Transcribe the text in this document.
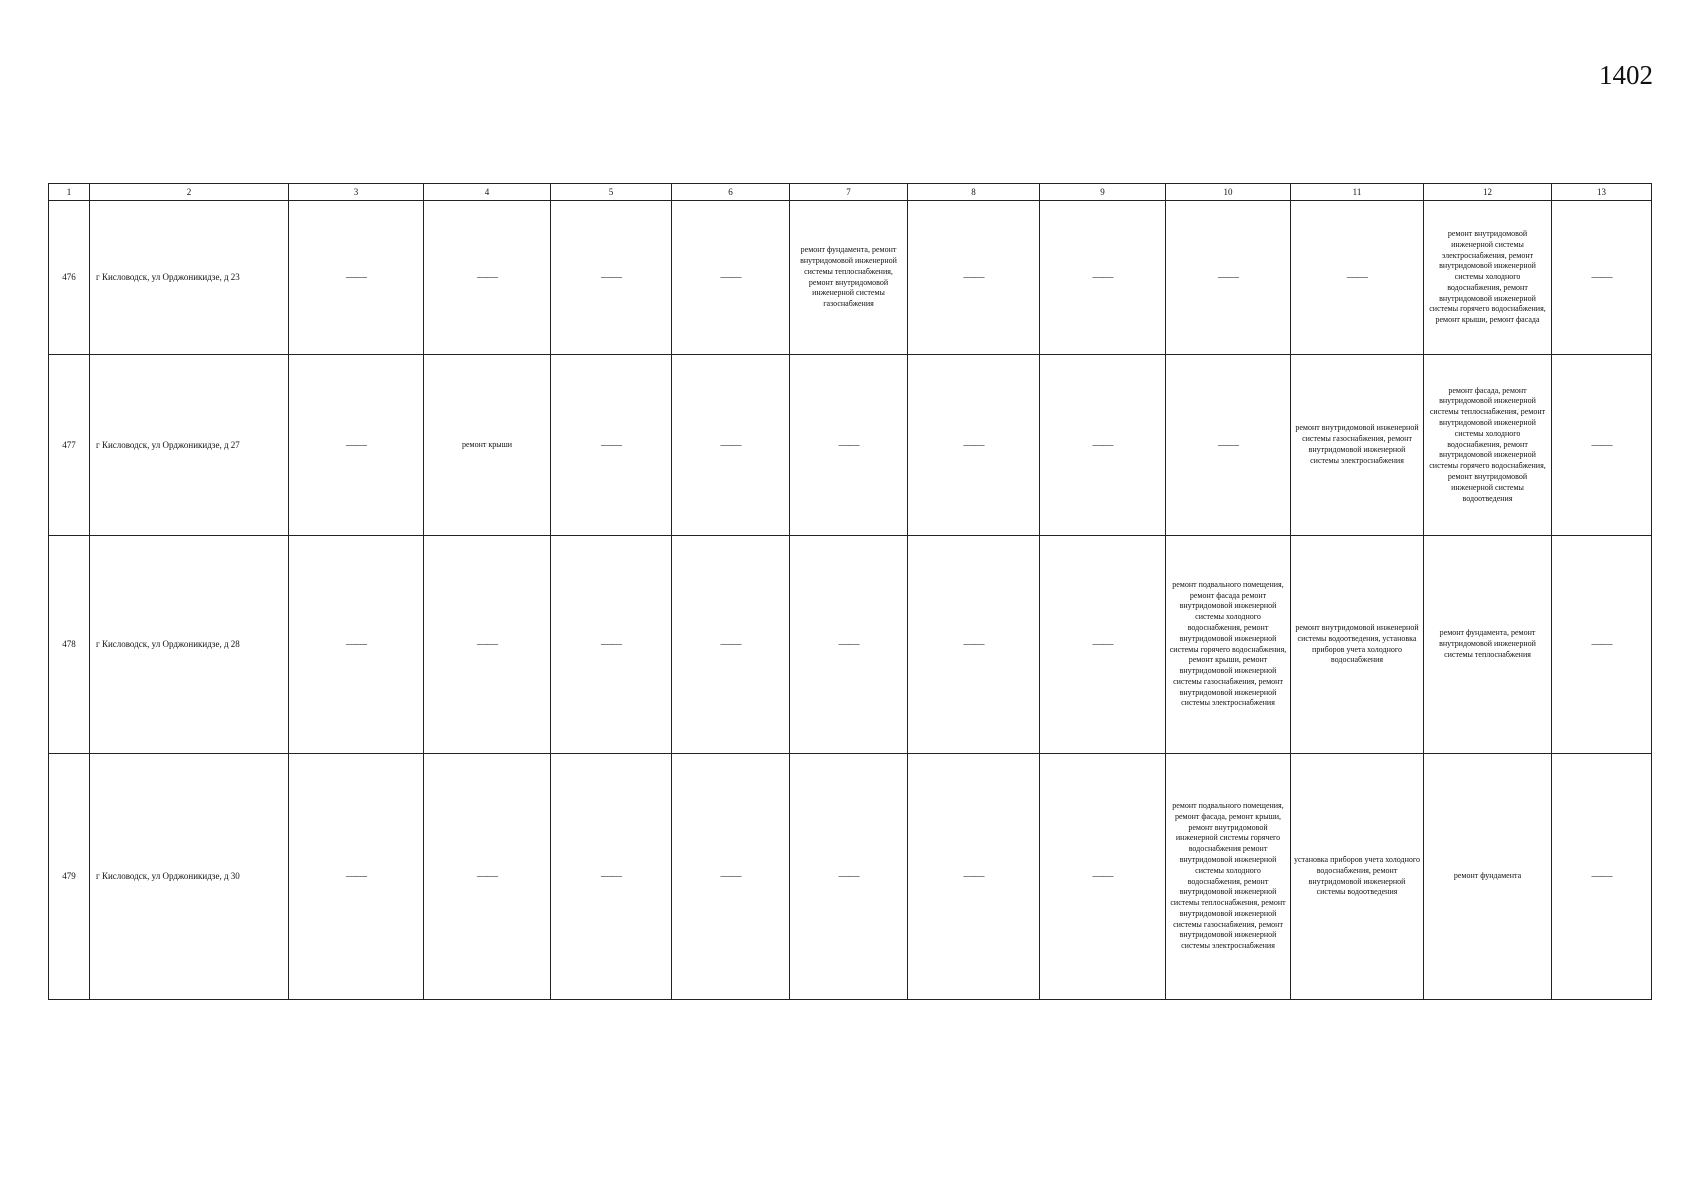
1402
1	2	3	4	5	6	7	8	9	10	11	12	13
476	г Кисловодск, ул Орджоникидзе, д 23	——	——	——	——	ремонт фундамента, ремонт внутридомовой инженерной системы теплоснабжения, ремонт внутридомовой инженерной системы газоснабжения	——	——	——	——	ремонт внутридомовой инженерной системы электроснабжения, ремонт внутридомовой инженерной системы холодного водоснабжения, ремонт внутридомовой инженерной системы горячего водоснабжения, ремонт крыши, ремонт фасада	——
477	г Кисловодск, ул Орджоникидзе, д 27	——	ремонт крыши	——	——	——	——	——	——	ремонт внутридомовой инженерной системы газоснабжения, ремонт внутридомовой инженерной системы электроснабжения	ремонт фасада, ремонт внутридомовой инженерной системы теплоснабжения, ремонт внутридомовой инженерной системы холодного водоснабжения, ремонт внутридомовой инженерной системы горячего водоснабжения, ремонт внутридомовой инженерной системы водоотведения	——
478	г Кисловодск, ул Орджоникидзе, д 28	——	——	——	——	——	——	——	ремонт подвального помещения, ремонт фасада ремонт внутридомовой инженерной системы холодного водоснабжения, ремонт внутридомовой инженерной системы горячего водоснабжения, ремонт крыши, ремонт внутридомовой инженерной системы газоснабжения, ремонт внутридомовой инженерной системы электроснабжения	ремонт внутридомовой инженерной системы водоотведения, установка приборов учета холодного водоснабжения	ремонт фундамента, ремонт внутридомовой инженерной системы теплоснабжения	——
479	г Кисловодск, ул Орджоникидзе, д 30	——	——	——	——	——	——	——	ремонт подвального помещения, ремонт фасада, ремонт крыши, ремонт внутридомовой инженерной системы горячего водоснабжения ремонт внутридомовой инженерной системы холодного водоснабжения, ремонт внутридомовой инженерной системы теплоснабжения, ремонт внутридомовой инженерной системы газоснабжения, ремонт внутридомовой инженерной системы электроснабжения	установка приборов учета холодного водоснабжения, ремонт внутридомовой инженерной системы водоотведения	ремонт фундамента	——
